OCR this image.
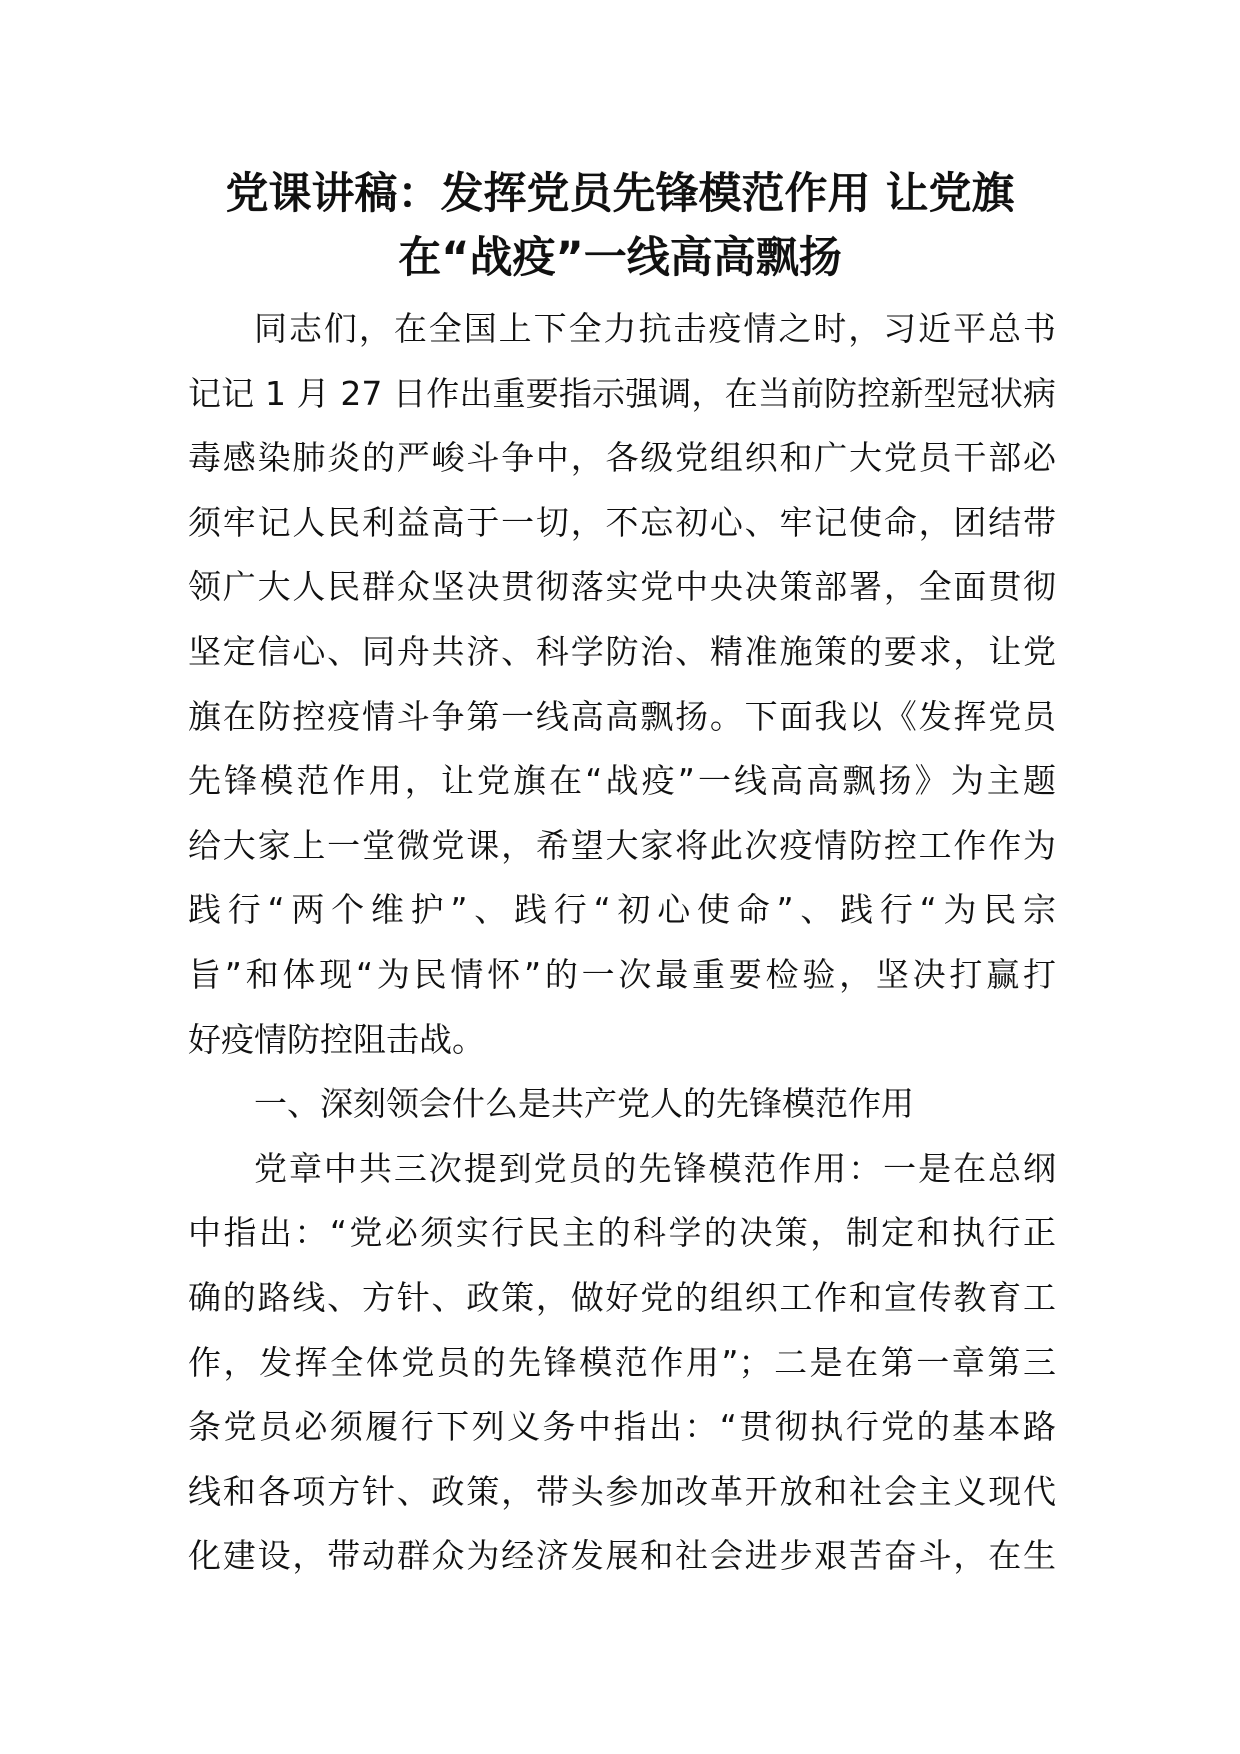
党课讲稿：发挥党员先锋模范作用 让党旗
在“战疫”一线高高飘扬
同志们，在全国上下全力抗击疫情之时，习近平总书
记记 1 月 27 日作出重要指示强调，在当前防控新型冠状病
毒感染肺炎的严峻斗争中，各级党组织和广大党员干部必
须牢记人民利益高于一切，不忘初心、牢记使命，团结带
领广大人民群众坚决贯彻落实党中央决策部署，全面贯彻
坚定信心、同舟共济、科学防治、精准施策的要求，让党
旗在防控疫情斗争第一线高高飘扬。下面我以《发挥党员
先锋模范作用，让党旗在“战疫”一线高高飘扬》为主题
给大家上一堂微党课，希望大家将此次疫情防控工作作为
践行“两个维护”、践行“初心使命”、践行“为民宗
旨”和体现“为民情怀”的一次最重要检验，坚决打赢打
好疫情防控阻击战。
一、深刻领会什么是共产党人的先锋模范作用
党章中共三次提到党员的先锋模范作用：一是在总纲
中指出：“党必须实行民主的科学的决策，制定和执行正
确的路线、方针、政策，做好党的组织工作和宣传教育工
作，发挥全体党员的先锋模范作用”；二是在第一章第三
条党员必须履行下列义务中指出：“贯彻执行党的基本路
线和各项方针、政策，带头参加改革开放和社会主义现代
化建设，带动群众为经济发展和社会进步艰苦奋斗，在生
